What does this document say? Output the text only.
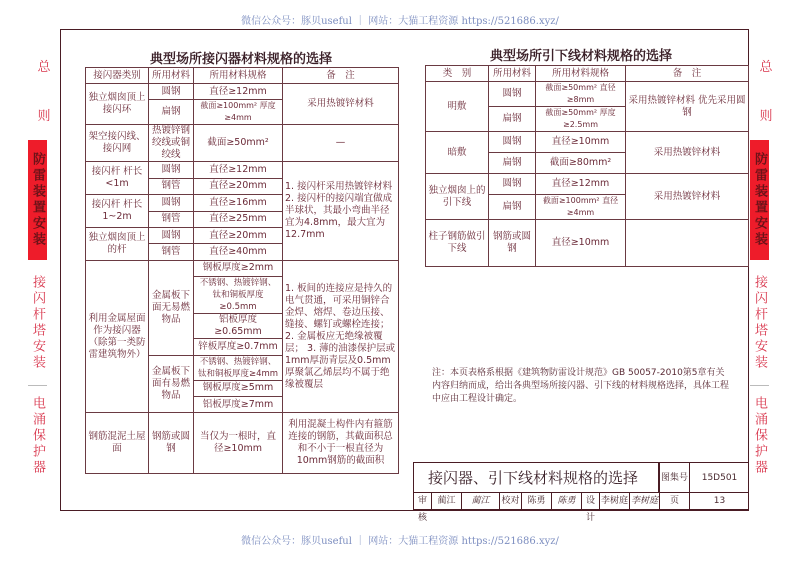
微信公众号：豚贝useful ｜ 网站：大猫工程资源 https://521686.xyz/
微信公众号：豚贝useful ｜ 网站：大猫工程资源 https://521686.xyz/
总

则
防雷装置安装
接闪杆塔安装
电涌保护器
总

则
防雷装置安装
接闪杆塔安装
电涌保护器
典型场所接闪器材料规格的选择
接闪器类别	所用材料	所用材料规格	备　注
独立烟囱顶上接闪环	圆钢	直径≥12mm	采用热镀锌材料
	扁钢	截面≥100mm² 厚度≥4mm	
架空接闪线、接闪网	热镀锌钢绞线或铜绞线	截面≥50mm²	—
接闪杆 杆长<1m	圆钢	直径≥12mm	1. 接闪杆采用热镀锌材料 2. 接闪杆的接闪端宜做成半球状，其最小弯曲半径宜为4.8mm，最大宜为12.7mm
	钢管	直径≥20mm	
接闪杆 杆长1~2m	圆钢	直径≥16mm	
	钢管	直径≥25mm	
独立烟囱顶上的杆	圆钢	直径≥20mm	
	钢管	直径≥40mm	
利用金属屋面作为接闪器（除第一类防雷建筑物外）	金属板下面无易燃物品	钢板厚度≥2mm	1. 板间的连接应是持久的电气贯通，可采用铜锌合金焊、熔焊、卷边压接、缝接、螺钉或螺栓连接； 2. 金属板应无绝缘被覆层； 3. 薄的油漆保护层或1mm厚沥青层及0.5mm厚聚氯乙烯层均不属于绝缘被覆层
		不锈钢、热镀锌钢、钛和铜板厚度≥0.5mm	
		铝板厚度≥0.65mm	
		锌板厚度≥0.7mm	
	金属板下面有易燃物品	不锈钢、热镀锌钢、钛和铜板厚度≥4mm	
		钢板厚度≥5mm	
		铝板厚度≥7mm	
钢筋混泥土屋面	钢筋或圆钢	当仅为一根时，直径≥10mm	利用混凝土构件内有箍筋连接的钢筋，其截面积总和不小于一根直径为10mm钢筋的截面积
典型场所引下线材料规格的选择
类　别	所用材料	所用材料规格	备　注
明敷	圆钢	截面≥50mm² 直径≥8mm	采用热镀锌材料 优先采用圆钢
	扁钢	截面≥50mm² 厚度≥2.5mm	
暗敷	圆钢	直径≥10mm	采用热镀锌材料
	扁钢	截面≥80mm²	
独立烟囱上的引下线	圆钢	直径≥12mm	采用热镀锌材料
	扁钢	截面≥100mm² 直径≥4mm	
柱子钢筋做引下线	钢筋或圆钢	直径≥10mm	
注：本页表格系根据《建筑物防雷设计规范》GB 50057-2010第5章有关内容归纳而成，给出各典型场所接闪器、引下线的材料规格选择，具体工程中应由工程设计确定。
接闪器、引下线材料规格的选择	图集号	15D501
审核
蔺江	蔺江	校对 陈勇	陈勇	设计
李树庭 李树庭	页	13
